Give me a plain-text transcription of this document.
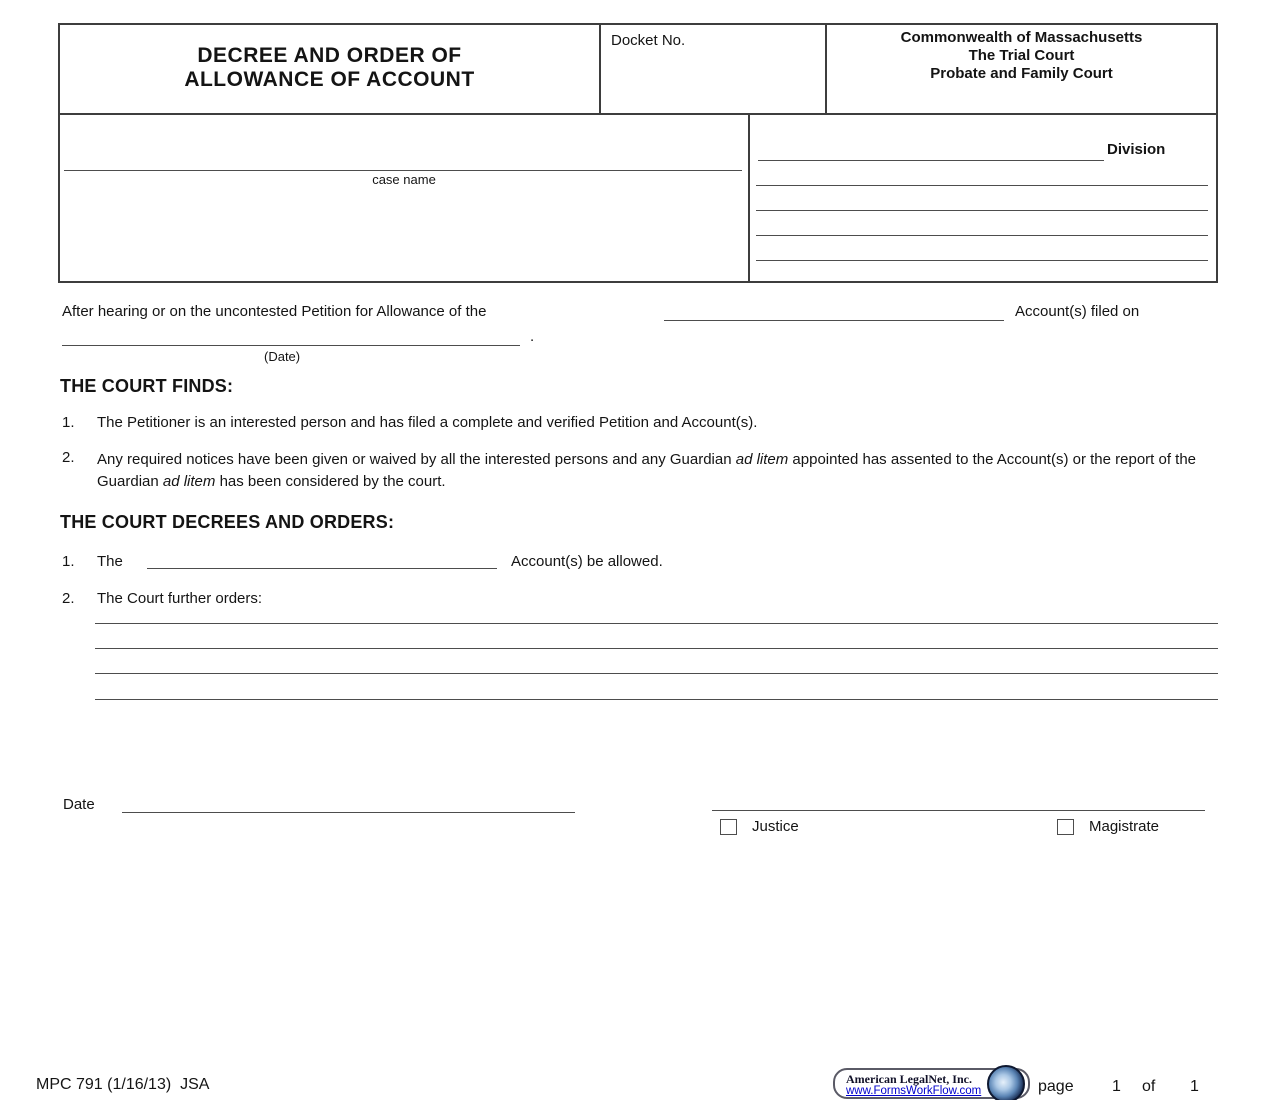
DECREE AND ORDER OF
ALLOWANCE OF ACCOUNT
Docket No.	Commonwealth of Massachusetts
The Trial Court
Probate and Family Court
case name
Division
After hearing or on the uncontested Petition for Allowance of the	Account(s) filed on
.
(Date)
THE COURT FINDS:
1. The Petitioner is an interested person and has filed a complete and verified Petition and Account(s).
2. Any required notices have been given or waived by all the interested persons and any Guardian ad litem appointed has assented to the Account(s) or the report of the Guardian ad litem has been considered by the court.
THE COURT DECREES AND ORDERS:
1. The	Account(s) be allowed.
2. The Court further orders:
Date
Justice	Magistrate
MPC 791 (1/16/13)  JSA	American LegalNet, Inc.
www.FormsWorkFlow.com	page 1 of 1
